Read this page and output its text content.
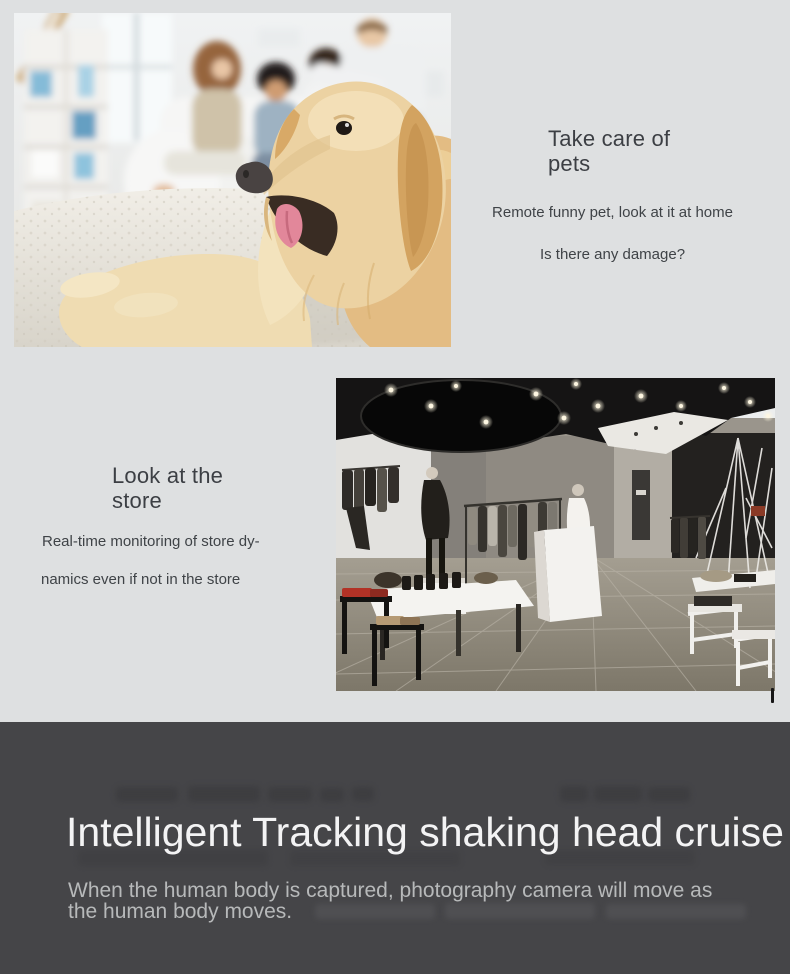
Take care of pets
Remote funny pet, look at it at home
Is there any damage?
Look at the store
Real-time monitoring of store dy-
namics even if not in the store
Intelligent Tracking shaking head cruise
When the human body is captured, photography camera will move as
the human body moves.
